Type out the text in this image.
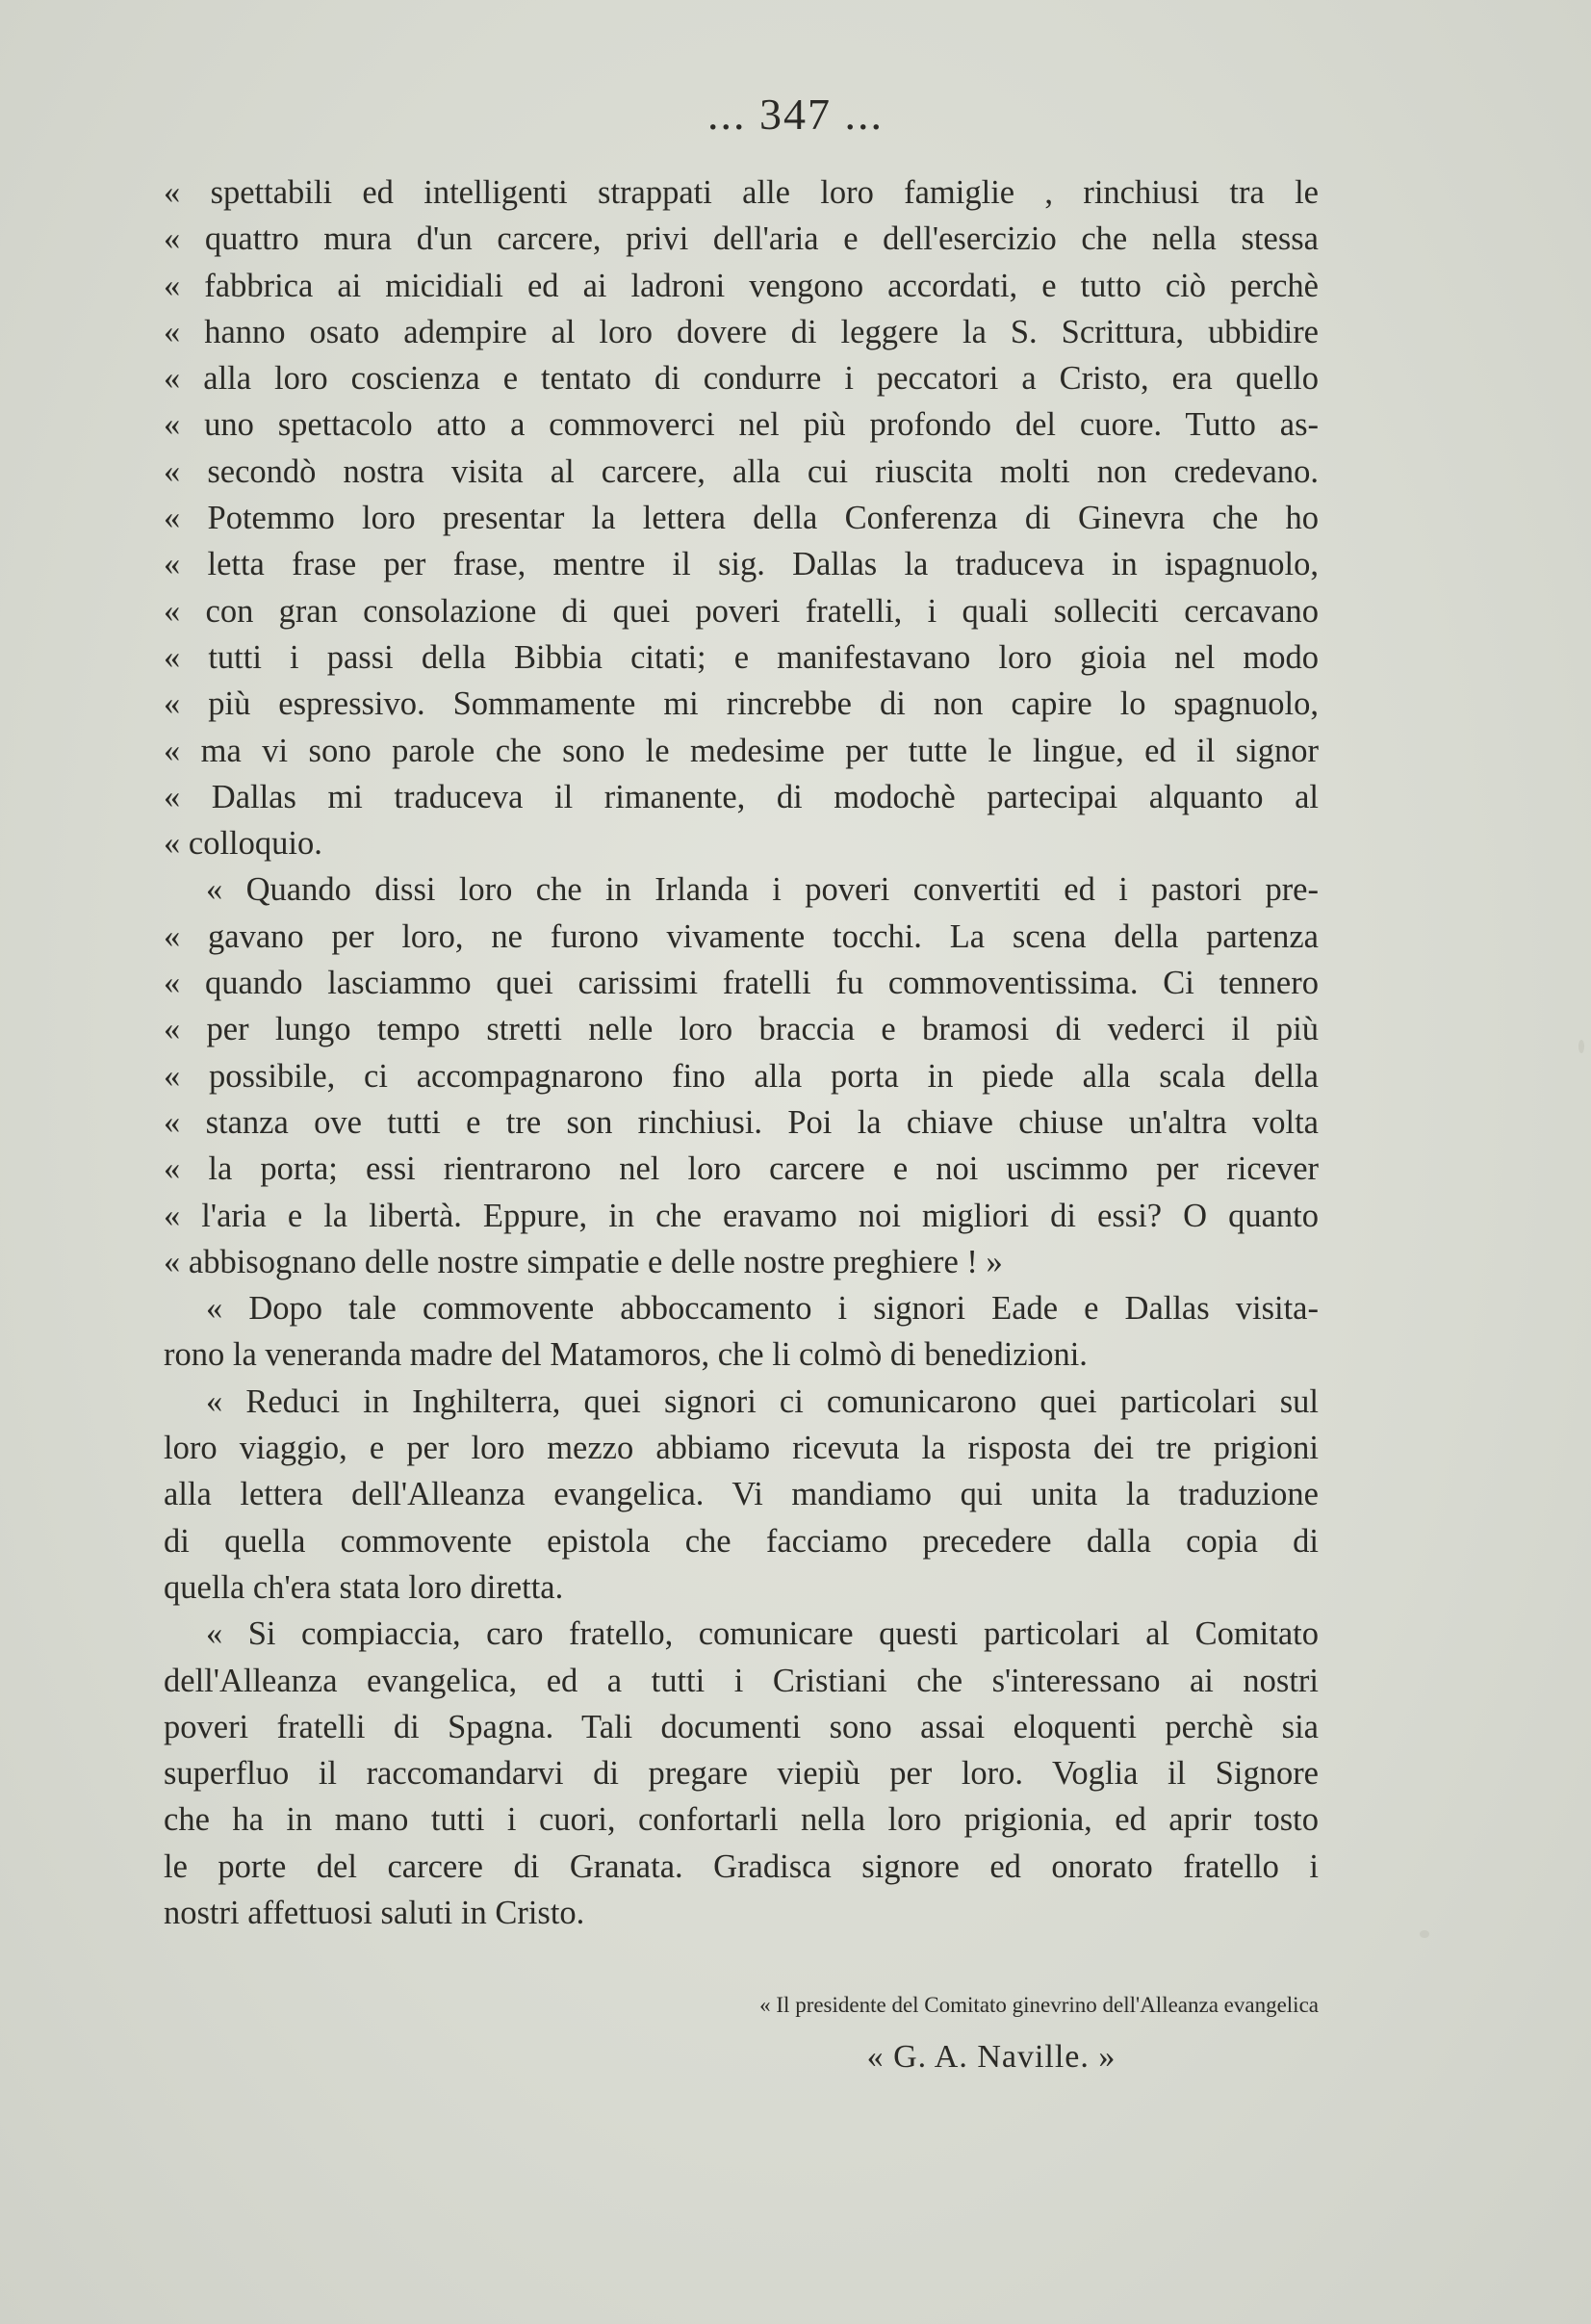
... 347 ...
« spettabili ed intelligenti strappati alle loro famiglie , rinchiusi tra le
« quattro mura d'un carcere, privi dell'aria e dell'esercizio che nella stessa
« fabbrica ai micidiali ed ai ladroni vengono accordati, e tutto ciò perchè
« hanno osato adempire al loro dovere di leggere la S. Scrittura, ubbidire
« alla loro coscienza e tentato di condurre i peccatori a Cristo, era quello
« uno spettacolo atto a commoverci nel più profondo del cuore. Tutto as-
« secondò nostra visita al carcere, alla cui riuscita molti non credevano.
« Potemmo loro presentar la lettera della Conferenza di Ginevra che ho
« letta frase per frase, mentre il sig. Dallas la traduceva in ispagnuolo,
« con gran consolazione di quei poveri fratelli, i quali solleciti cercavano
« tutti i passi della Bibbia citati; e manifestavano loro gioia nel modo
« più espressivo. Sommamente mi rincrebbe di non capire lo spagnuolo,
« ma vi sono parole che sono le medesime per tutte le lingue, ed il signor
« Dallas mi traduceva il rimanente, di modochè partecipai alquanto al
« colloquio.
« Quando dissi loro che in Irlanda i poveri convertiti ed i pastori pre-
« gavano per loro, ne furono vivamente tocchi. La scena della partenza
« quando lasciammo quei carissimi fratelli fu commoventissima. Ci tennero
« per lungo tempo stretti nelle loro braccia e bramosi di vederci il più
« possibile, ci accompagnarono fino alla porta in piede alla scala della
« stanza ove tutti e tre son rinchiusi. Poi la chiave chiuse un'altra volta
« la porta; essi rientrarono nel loro carcere e noi uscimmo per ricever
« l'aria e la libertà. Eppure, in che eravamo noi migliori di essi? O quanto
« abbisognano delle nostre simpatie e delle nostre preghiere ! »
« Dopo tale commovente abboccamento i signori Eade e Dallas visita-
rono la veneranda madre del Matamoros, che li colmò di benedizioni.
« Reduci in Inghilterra, quei signori ci comunicarono quei particolari sul
loro viaggio, e per loro mezzo abbiamo ricevuta la risposta dei tre prigioni
alla lettera dell'Alleanza evangelica. Vi mandiamo qui unita la traduzione
di quella commovente epistola che facciamo precedere dalla copia di
quella ch'era stata loro diretta.
« Si compiaccia, caro fratello, comunicare questi particolari al Comitato
dell'Alleanza evangelica, ed a tutti i Cristiani che s'interessano ai nostri
poveri fratelli di Spagna. Tali documenti sono assai eloquenti perchè sia
superfluo il raccomandarvi di pregare viepiù per loro. Voglia il Signore
che ha in mano tutti i cuori, confortarli nella loro prigionia, ed aprir tosto
le porte del carcere di Granata. Gradisca signore ed onorato fratello i
nostri affettuosi saluti in Cristo.
« Il presidente del Comitato ginevrino dell'Alleanza evangelica
« G. A. Naville. »
